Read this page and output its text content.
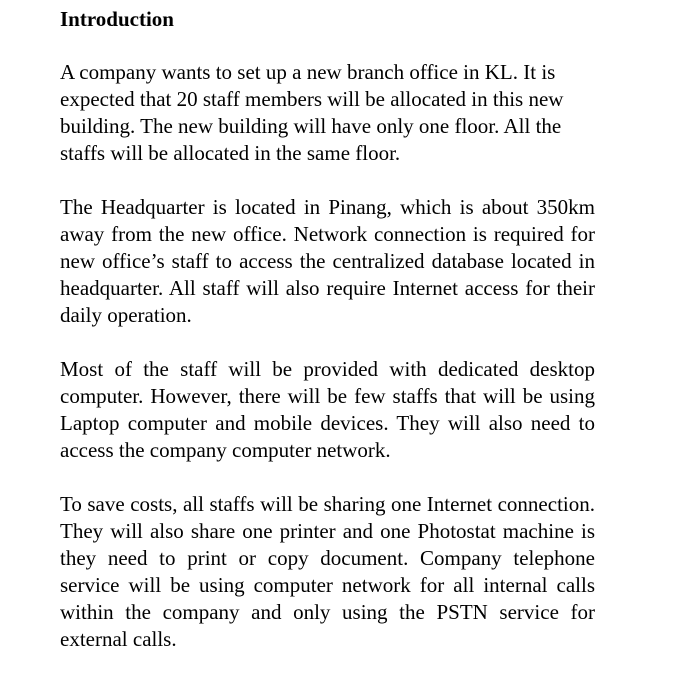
Introduction

A company wants to set up a new branch office in KL. It is expected that 20 staff members will be allocated in this new building. The new building will have only one floor. All the staffs will be allocated in the same floor.

The Headquarter is located in Pinang, which is about 350km away from the new office. Network connection is required for new office’s staff to access the centralized database located in headquarter. All staff will also require Internet access for their daily operation.

Most of the staff will be provided with dedicated desktop computer. However, there will be few staffs that will be using Laptop computer and mobile devices. They will also need to access the company computer network.

To save costs, all staffs will be sharing one Internet connection. They will also share one printer and one Photostat machine is they need to print or copy document. Company telephone service will be using computer network for all internal calls within the company and only using the PSTN service for external calls.
